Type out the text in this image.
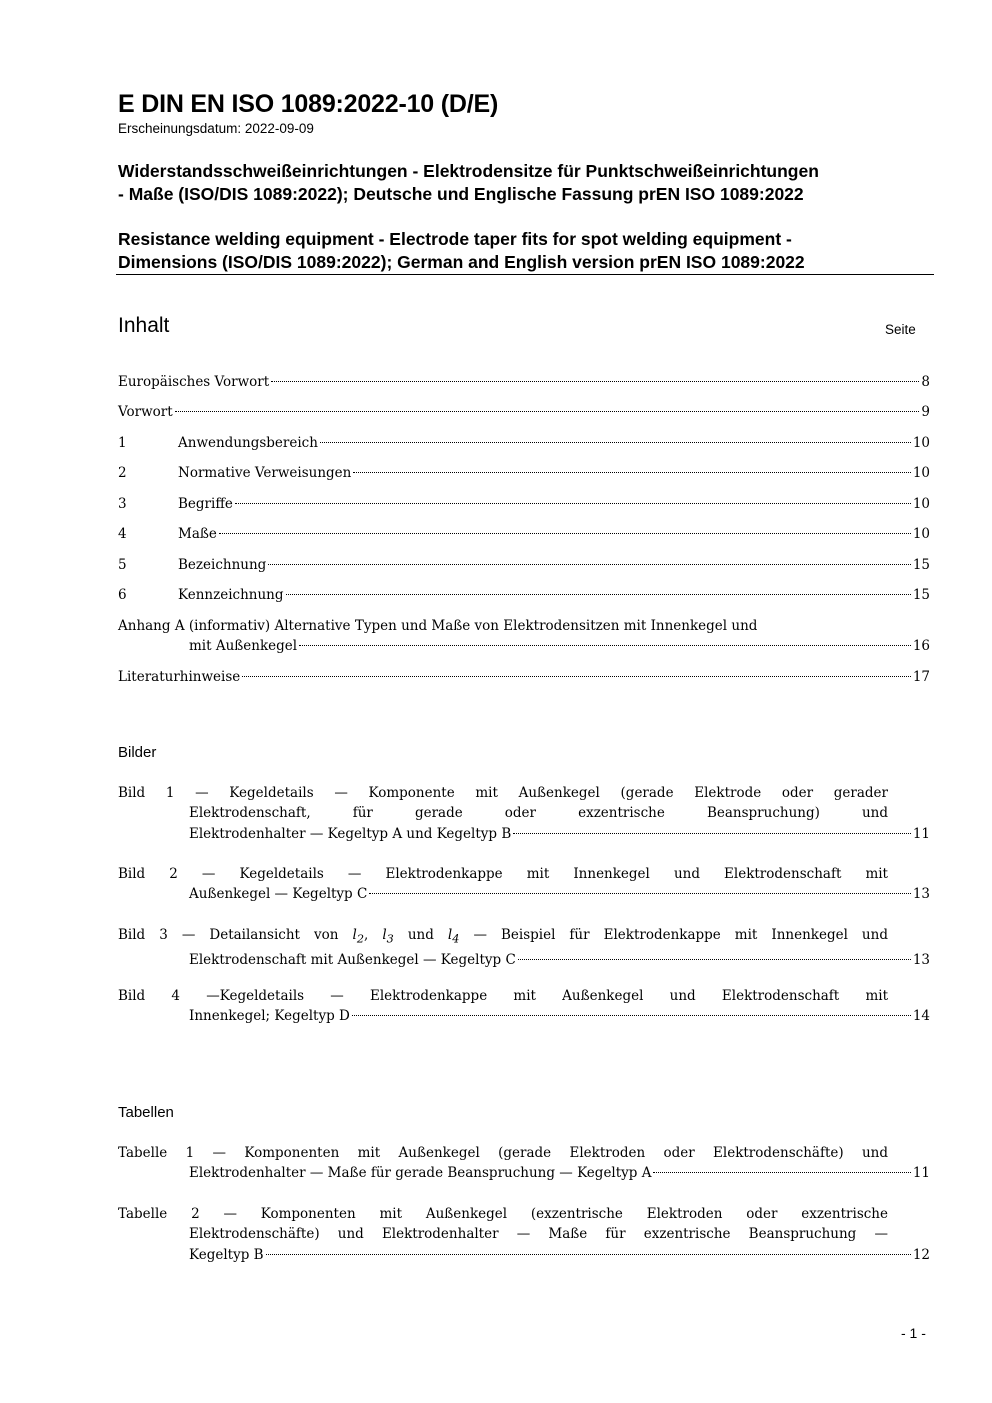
E DIN EN ISO 1089:2022-10 (D/E)
Erscheinungsdatum: 2022-09-09
Widerstandsschweißeinrichtungen - Elektrodensitze für Punktschweißeinrichtungen
- Maße (ISO/DIS 1089:2022); Deutsche und Englische Fassung prEN ISO 1089:2022
Resistance welding equipment - Electrode taper fits for spot welding equipment -
Dimensions (ISO/DIS 1089:2022); German and English version prEN ISO 1089:2022
Inhalt	Seite
Europäisches Vorwort	8
Vorwort	9
1	Anwendungsbereich	10
2	Normative Verweisungen	10
3	Begriffe	10
4	Maße	10
5	Bezeichnung	15
6	Kennzeichnung	15
Anhang A (informativ) Alternative Typen und Maße von Elektrodensitzen mit Innenkegel und
mit Außenkegel	16
Literaturhinweise	17
Bilder
Bild 1 — Kegeldetails — Komponente mit Außenkegel (gerade Elektrode oder gerader
Elektrodenschaft, für gerade oder exzentrische Beanspruchung) und
Elektrodenhalter — Kegeltyp A und Kegeltyp B	11
Bild 2 — Kegeldetails — Elektrodenkappe mit Innenkegel und Elektrodenschaft mit
Außenkegel — Kegeltyp C	13
Bild 3 — Detailansicht von $l_2$, $l_3$ und $l_4$ — Beispiel für Elektrodenkappe mit Innenkegel und
Elektrodenschaft mit Außenkegel — Kegeltyp C	13
Bild 4 —Kegeldetails — Elektrodenkappe mit Außenkegel und Elektrodenschaft mit
Innenkegel; Kegeltyp D	14
Tabellen
Tabelle 1 — Komponenten mit Außenkegel (gerade Elektroden oder Elektrodenschäfte) und
Elektrodenhalter — Maße für gerade Beanspruchung — Kegeltyp A	11
Tabelle 2 — Komponenten mit Außenkegel (exzentrische Elektroden oder exzentrische
Elektrodenschäfte) und Elektrodenhalter — Maße für exzentrische Beanspruchung —
Kegeltyp B	12
- 1 -
